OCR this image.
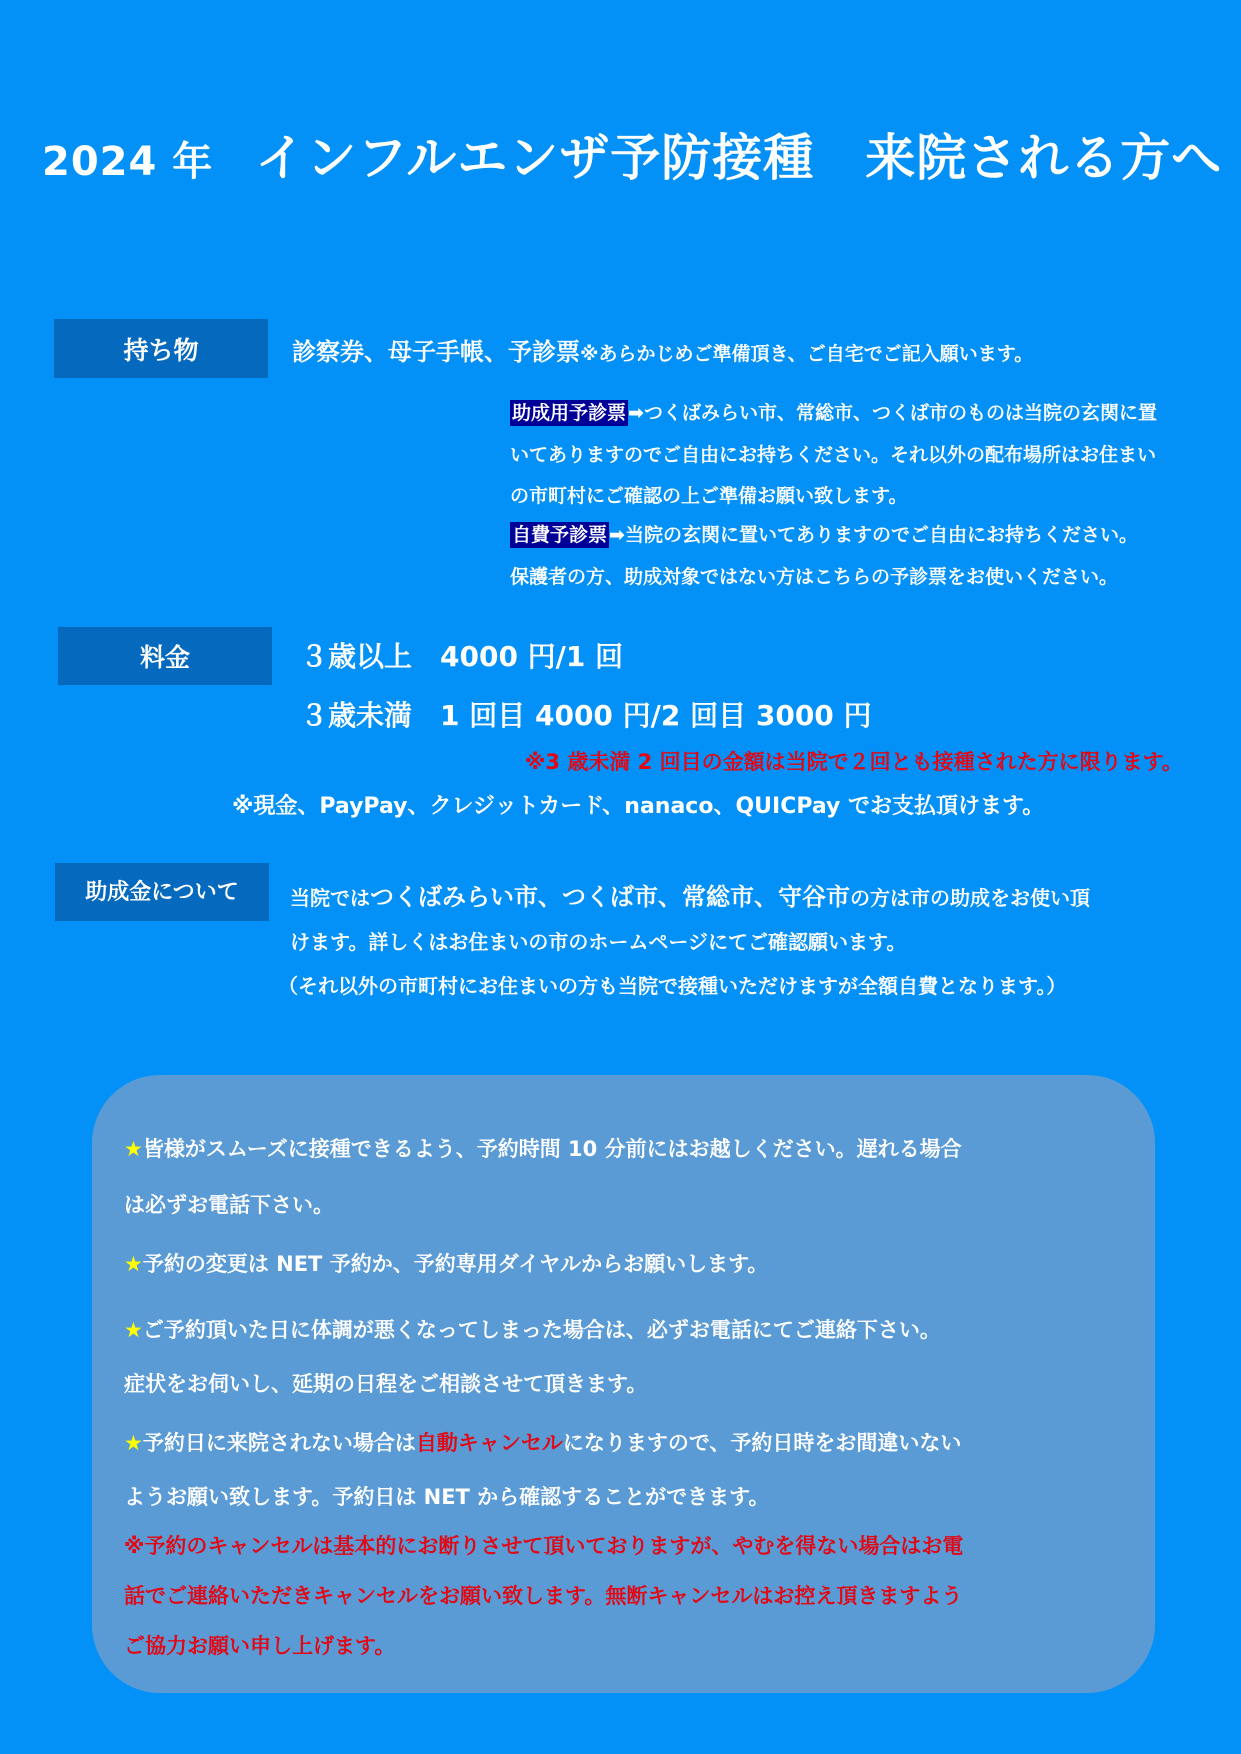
2024 年 インフルエンザ予防接種　来院される方へ
持ち物	診察券、母子手帳、予診票※あらかじめご準備頂き、ご自宅でご記入願います。
助成用予診票 ➡つくばみらい市、常総市、つくば市のものは当院の玄関に置
いてありますのでご自由にお持ちください。それ以外の配布場所はお住まい
の市町村にご確認の上ご準備お願い致します。
自費予診票 ➡当院の玄関に置いてありますのでご自由にお持ちください。
保護者の方、助成対象ではない方はこちらの予診票をお使いください。
料金	３歳以上　4000 円/1 回
３歳未満　1 回目 4000 円/2 回目 3000 円
※3 歳未満 2 回目の金額は当院で２回とも接種された方に限ります。
※現金、PayPay、クレジットカード、nanaco、QUICPay でお支払頂けます。
助成金について	当院ではつくばみらい市、つくば市、常総市、守谷市の方は市の助成をお使い頂
けます。詳しくはお住まいの市のホームページにてご確認願います。
（それ以外の市町村にお住まいの方も当院で接種いただけますが全額自費となります。）
★皆様がスムーズに接種できるよう、予約時間 10 分前にはお越しください。遅れる場合
は必ずお電話下さい。
★予約の変更は NET 予約か、予約専用ダイヤルからお願いします。
★ご予約頂いた日に体調が悪くなってしまった場合は、必ずお電話にてご連絡下さい。
症状をお伺いし、延期の日程をご相談させて頂きます。
★予約日に来院されない場合は自動キャンセルになりますので、予約日時をお間違いない
ようお願い致します。予約日は NET から確認することができます。
※予約のキャンセルは基本的にお断りさせて頂いておりますが、やむを得ない場合はお電
話でご連絡いただきキャンセルをお願い致します。無断キャンセルはお控え頂きますよう
ご協力お願い申し上げます。
